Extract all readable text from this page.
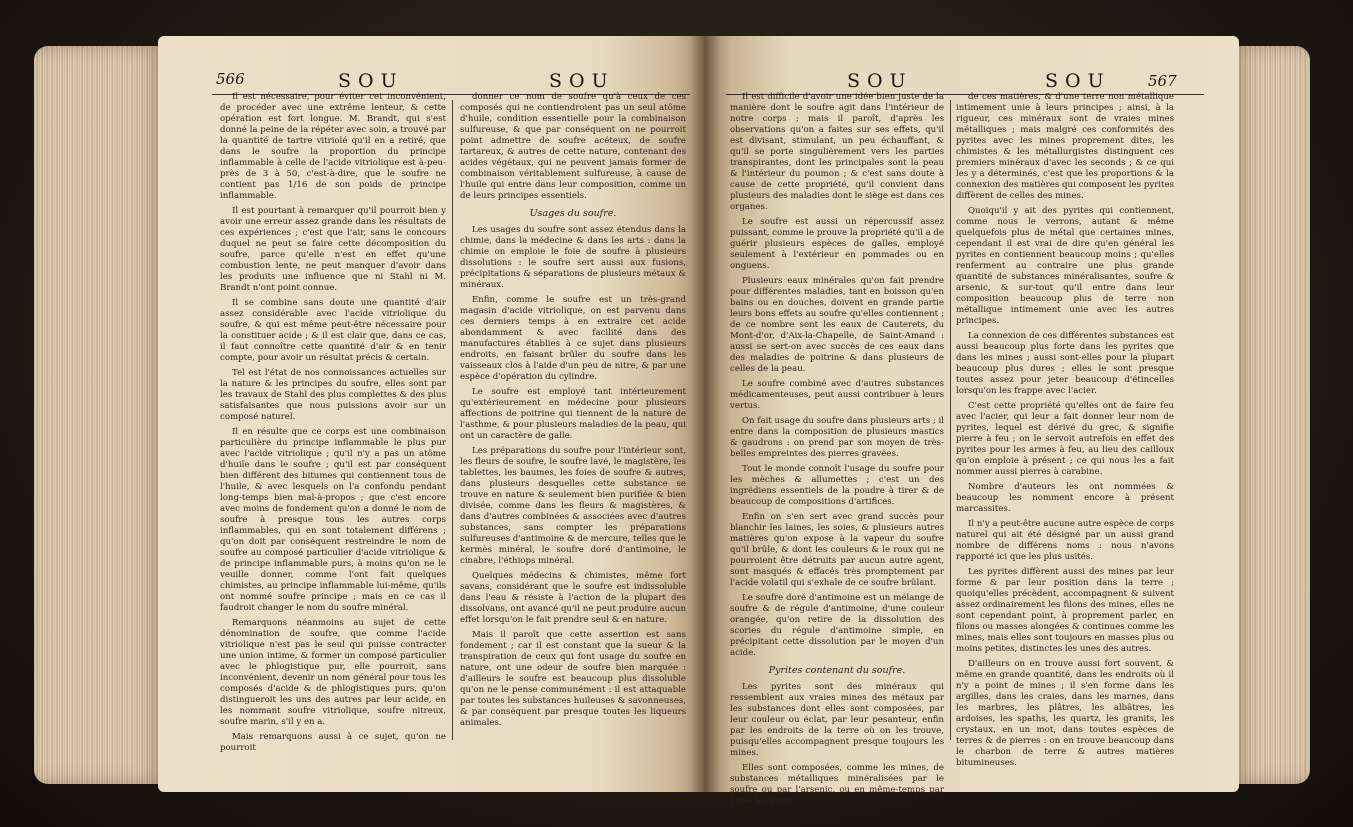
566	SOU	SOU	SOU	SOU 567

Il est nécessaire, pour éviter cet inconvénient, de procéder avec une extrême lenteur, & cette opération est fort longue. M. Brandt, qui s'est donné la peine de la répéter avec soin, a trouvé par la quantité de tartre vitriolé qu'il en a retiré, que dans le soufre la proportion du principe inflammable à celle de l'acide vitriolique est à-peu-près de 3 à 50, c'est-à-dire, que le soufre ne contient pas 1/16 de son poids de principe inflammable.

Il est pourtant à remarquer qu'il pourroit bien y avoir une erreur assez grande dans les résultats de ces expériences ; c'est que l'air, sans le concours duquel ne peut se faire cette décomposition du soufre, parce qu'elle n'est en effet qu'une combustion lente, ne peut manquer d'avoir dans les produits une influence que ni Stahl ni M. Brandt n'ont point connue.

Il se combine sans doute une quantité d'air assez considérable avec l'acide vitriolique du soufre, & qui est même peut-être nécessaire pour la constituer acide ; & il est clair que, dans ce cas, il faut connoître cette quantité d'air & en tenir compte, pour avoir un résultat précis & certain.

Tel est l'état de nos connoissances actuelles sur la nature & les principes du soufre, elles sont par les travaux de Stahl des plus complettes & des plus satisfaisantes que nous puissions avoir sur un composé naturel.

Il en résulte que ce corps est une combinaison particulière du principe inflammable le plus pur avec l'acide vitriolique ; qu'il n'y a pas un atôme d'huile dans le soufre ; qu'il est par conséquent bien différent des bitumes qui contiennent tous de l'huile, & avec lesquels on l'a confondu pendant long-temps bien mal-à-propos ; que c'est encore avec moins de fondement qu'on a donné le nom de soufre à presque tous les autres corps inflammables, qui en sont totalement différens ; qu'on doit par conséquent restreindre le nom de soufre au composé particulier d'acide vitriolique & de principe inflammable purs, à moins qu'on ne le veuille donner, comme l'ont fait quelques chimistes, au principe inflammable lui-même, qu'ils ont nommé soufre principe ; mais en ce cas il faudroit changer le nom du soufre minéral.

Remarquons néanmoins au sujet de cette dénomination de soufre, que comme l'acide vitriolique n'est pas le seul qui puisse contracter une union intime, & former un composé particulier avec le phlogistique pur, elle pourroit, sans inconvénient, devenir un nom général pour tous les composés d'acide & de phlogistiques purs, qu'on distingueroit les uns des autres par leur acide, en les nommant soufre vitriolique, soufre nitreux, soufre marin, s'il y en a.

Mais remarquons aussi à ce sujet, qu'on ne pourroit

donner ce nom de soufre qu'à ceux de ces composés qui ne contiendroient pas un seul atôme d'huile, condition essentielle pour la combinaison sulfureuse, & que par conséquent on ne pourroit point admettre de soufre acéteux, de soufre tartareux, & autres de cette nature, contenant des acides végétaux, qui ne peuvent jamais former de combinaison véritablement sulfureuse, à cause de l'huile qui entre dans leur composition, comme un de leurs principes essentiels.

Usages du soufre.

Les usages du soufre sont assez étendus dans la chimie, dans la médecine & dans les arts : dans la chimie on emploie le foie de soufre à plusieurs dissolutions : le soufre sert aussi aux fusions, précipitations & séparations de plusieurs métaux & minéraux.

Enfin, comme le soufre est un très-grand magasin d'acide vitriolique, on est parvenu dans ces derniers temps à en extraire cet acide abondamment & avec facilité dans des manufactures établies à ce sujet dans plusieurs endroits, en faisant brûler du soufre dans les vaisseaux clos à l'aide d'un peu de nitre, & par une espèce d'opération du cylindre.

Le soufre est employé tant intérieurement qu'extérieurement en médecine pour plusieurs affections de poitrine qui tiennent de la nature de l'asthme, & pour plusieurs maladies de la peau, qui ont un caractère de galle.

Les préparations du soufre pour l'intérieur sont, les fleurs de soufre, le soufre lavé, le magistère, les tablettes, les baumes, les foies de soufre & autres, dans plusieurs desquelles cette substance se trouve en nature & seulement bien purifiée & bien divisée, comme dans les fleurs & magistères, & dans d'autres combinées & associées avec d'autres substances, sans compter les préparations sulfureuses d'antimoine & de mercure, telles que le kermès minéral, le soufre doré d'antimoine, le cinabre, l'éthiops minéral.

Quelques médecins & chimistes, même fort savans, considérant que le soufre est indissoluble dans l'eau & résiste à l'action de la plupart des dissolvans, ont avancé qu'il ne peut produire aucun effet lorsqu'on le fait prendre seul & en nature.

Mais il paroît que cette assertion est sans fondement ; car il est constant que la sueur & la transpiration de ceux qui font usage du soufre en nature, ont une odeur de soufre bien marquée : d'ailleurs le soufre est beaucoup plus dissoluble qu'on ne le pense communément : il est attaquable par toutes les substances huileuses & savonneuses, & par conséquent par presque toutes les liqueurs animales.

Il est difficile d'avoir une idée bien juste de la manière dont le soufre agit dans l'intérieur de notre corps ; mais il paroît, d'après les observations qu'on a faites sur ses effets, qu'il est divisant, stimulant, un peu échauffant, & qu'il se porte singulièrement vers les parties transpirantes, dont les principales sont la peau & l'intérieur du poumon ; & c'est sans doute à cause de cette propriété, qu'il convient dans plusieurs des maladies dont le siège est dans ces organes.

Le soufre est aussi un répercussif assez puissant, comme le prouve la propriété qu'il a de guérir plusieurs espèces de galles, employé seulement à l'extérieur en pommades ou en onguens.

Plusieurs eaux minérales qu'on fait prendre pour différentes maladies, tant en boisson qu'en bains ou en douches, doivent en grande partie leurs bons effets au soufre qu'elles contiennent ; de ce nombre sont les eaux de Cauterets, du Mont-d'or, d'Aix-la-Chapelle, de Saint-Amand : aussi se sert-on avec succès de ces eaux dans des maladies de poitrine & dans plusieurs de celles de la peau.

Le soufre combiné avec d'autres substances médicamenteuses, peut aussi contribuer à leurs vertus.

On fait usage du soufre dans plusieurs arts ; il entre dans la composition de plusieurs mastics & gaudrons : on prend par son moyen de très-belles empreintes des pierres gravées.

Tout le monde connoît l'usage du soufre pour les mèches & allumettes ; c'est un des ingrédiens essentiels de la poudre à tirer & de beaucoup de compositions d'artifices.

Enfin on s'en sert avec grand succès pour blanchir les laines, les soies, & plusieurs autres matières qu'on expose à la vapeur du soufre qu'il brûle, & dont les couleurs & le roux qui ne pourroient être détruits par aucun autre agent, sont masqués & effacés très promptement par l'acide volatil qui s'exhale de ce soufre brûlant.

Le soufre doré d'antimoine est un mélange de soufre & de régule d'antimoine, d'une couleur orangée, qu'on retire de la dissolution des scories du régule d'antimoine simple, en précipitant cette dissolution par le moyen d'un acide.

Pyrites contenant du soufre.

Les pyrites sont des minéraux qui ressemblent aux vraies mines des métaux par les substances dont elles sont composées, par leur couleur ou éclat, par leur pesanteur, enfin par les endroits de la terre où on les trouve, puisqu'elles accompagnent presque toujours les mines.

Elles sont composées, comme les mines, de substances métalliques minéralisées par le soufre ou par l'arsenic, ou en même-temps par l'une & l'autre

de ces matières, & d'une terre non métallique intimement unie à leurs principes ; ainsi, à la rigueur, ces minéraux sont de vraies mines métalliques ; mais malgré ces conformités des pyrites avec les mines proprement dites, les chimistes & les métallurgistes distinguent ces premiers minéraux d'avec les seconds ; & ce qui les y a déterminés, c'est que les proportions & la connexion des matières qui composent les pyrites diffèrent de celles des mines.

Quoiqu'il y ait des pyrites qui contiennent, comme nous le verrons, autant & même quelquefois plus de métal que certaines mines, cependant il est vrai de dire qu'en général les pyrites en contiennent beaucoup moins ; qu'elles renferment au contraire une plus grande quantité de substances minéralisantes, soufre & arsenic, & sur-tout qu'il entre dans leur composition beaucoup plus de terre non métallique intimement unie avec les autres principes.

La connexion de ces différentes substances est aussi beaucoup plus forte dans les pyrites que dans les mines ; aussi sont-elles pour la plupart beaucoup plus dures ; elles le sont presque toutes assez pour jeter beaucoup d'étincelles lorsqu'on les frappe avec l'acier.

C'est cette propriété qu'elles ont de faire feu avec l'acier, qui leur a fait donner leur nom de pyrites, lequel est dérivé du grec, & signifie pierre à feu ; on le servoit autrefois en effet des pyrites pour les armes à feu, au lieu des cailloux qu'on emploie à présent ; ce qui nous les a fait nommer aussi pierres à carabine.

Nombre d'auteurs les ont nommées & beaucoup les nomment encore à présent marcassites.

Il n'y a peut-être aucune autre espèce de corps naturel qui ait été désigné par un aussi grand nombre de différens noms : nous n'avons rapporté ici que les plus usités.

Les pyrites diffèrent aussi des mines par leur forme & par leur position dans la terre ; quoiqu'elles précèdent, accompagnent & suivent assez ordinairement les filons des mines, elles ne sont cependant point, à proprement parler, en filons ou masses alongées & continues comme les mines, mais elles sont toujours en masses plus ou moins petites, distinctes les unes des autres.

D'ailleurs on en trouve aussi fort souvent, & même en grande quantité, dans les endroits où il n'y a point de mines ; il s'en forme dans les argilles, dans les craies, dans les marnes, dans les marbres, les plâtres, les albâtres, les ardoises, les spaths, les quartz, les granits, les crystaux, en un mot, dans toutes espèces de terres & de pierres : on en trouve beaucoup dans le charbon de terre & autres matières bitumineuses.
